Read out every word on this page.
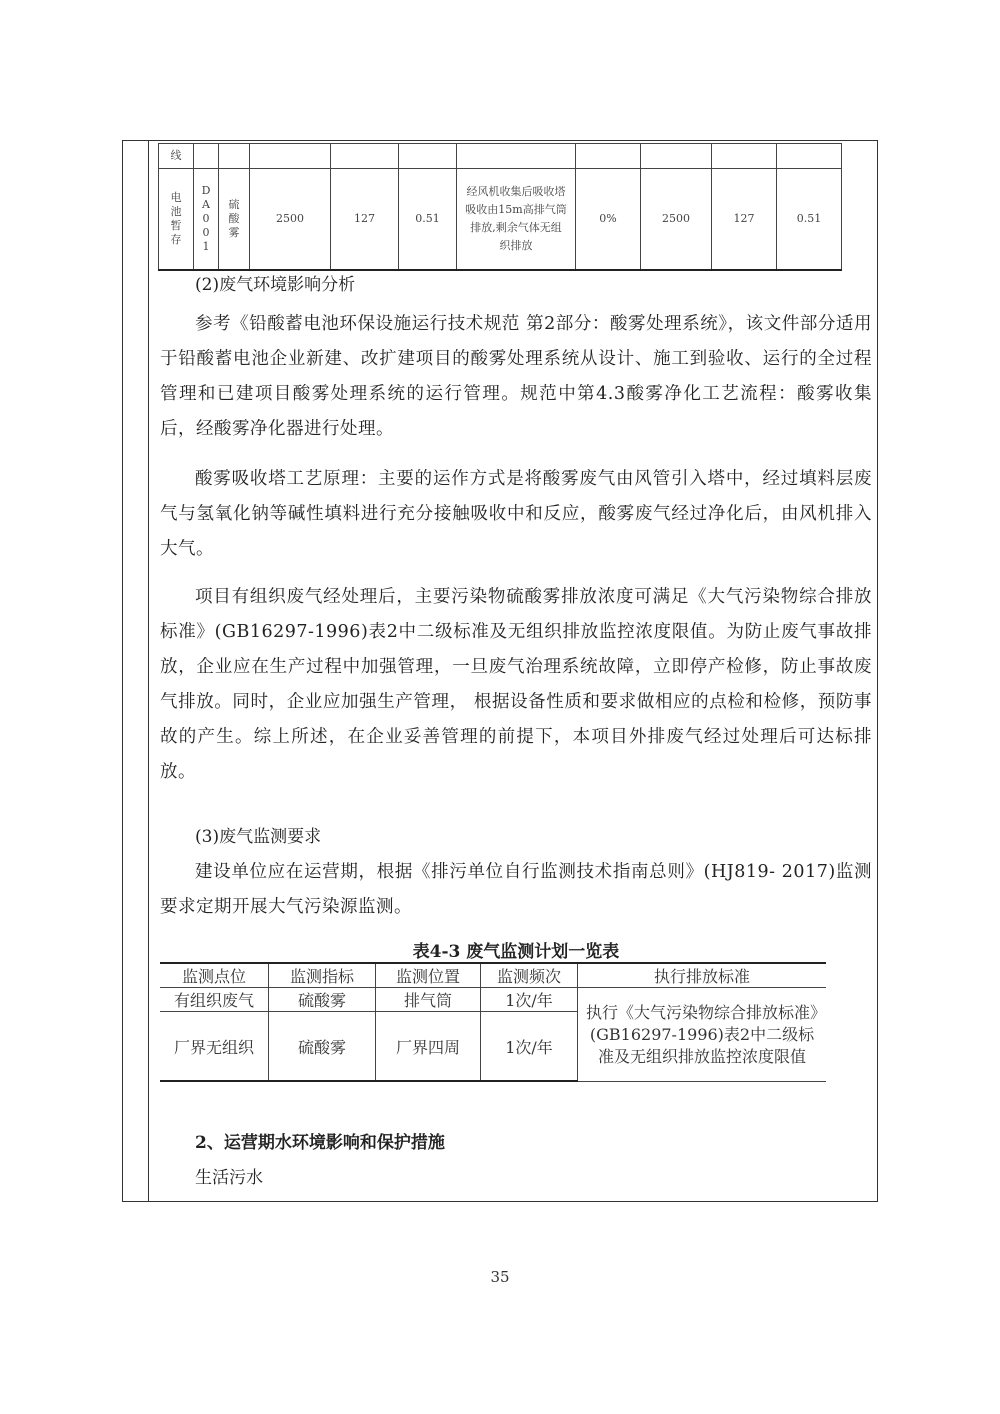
线										
电池暂存	DA001	硫酸雾	2500	127	0.51	经风机收集后吸收塔吸收由15m高排气筒排放,剩余气体无组织排放	0%	2500	127	0.51
(2)废气环境影响分析

参考《铅酸蓄电池环保设施运行技术规范 第2部分：酸雾处理系统》，该文件部分适用于铅酸蓄电池企业新建、改扩建项目的酸雾处理系统从设计、施工到验收、运行的全过程管理和已建项目酸雾处理系统的运行管理。规范中第4.3酸雾净化工艺流程：酸雾收集后，经酸雾净化器进行处理。

酸雾吸收塔工艺原理：主要的运作方式是将酸雾废气由风管引入塔中，经过填料层废气与氢氧化钠等碱性填料进行充分接触吸收中和反应，酸雾废气经过净化后，由风机排入大气。

项目有组织废气经处理后，主要污染物硫酸雾排放浓度可满足《大气污染物综合排放标准》(GB16297-1996)表2中二级标准及无组织排放监控浓度限值。为防止废气事故排放，企业应在生产过程中加强管理，一旦废气治理系统故障，立即停产检修，防止事故废气排放。同时，企业应加强生产管理， 根据设备性质和要求做相应的点检和检修，预防事故的产生。综上所述，在企业妥善管理的前提下，本项目外排废气经过处理后可达标排放。

(3)废气监测要求

建设单位应在运营期，根据《排污单位自行监测技术指南总则》(HJ819- 2017)监测要求定期开展大气污染源监测。

表4-3 废气监测计划一览表
监测点位	监测指标	监测位置	监测频次	执行排放标准
有组织废气	硫酸雾	排气筒	1次/年	执行《大气污染物综合排放标准》(GB16297-1996)表2中二级标准及无组织排放监控浓度限值
厂界无组织	硫酸雾	厂界四周	1次/年	
2、运营期水环境影响和保护措施
生活污水
35
